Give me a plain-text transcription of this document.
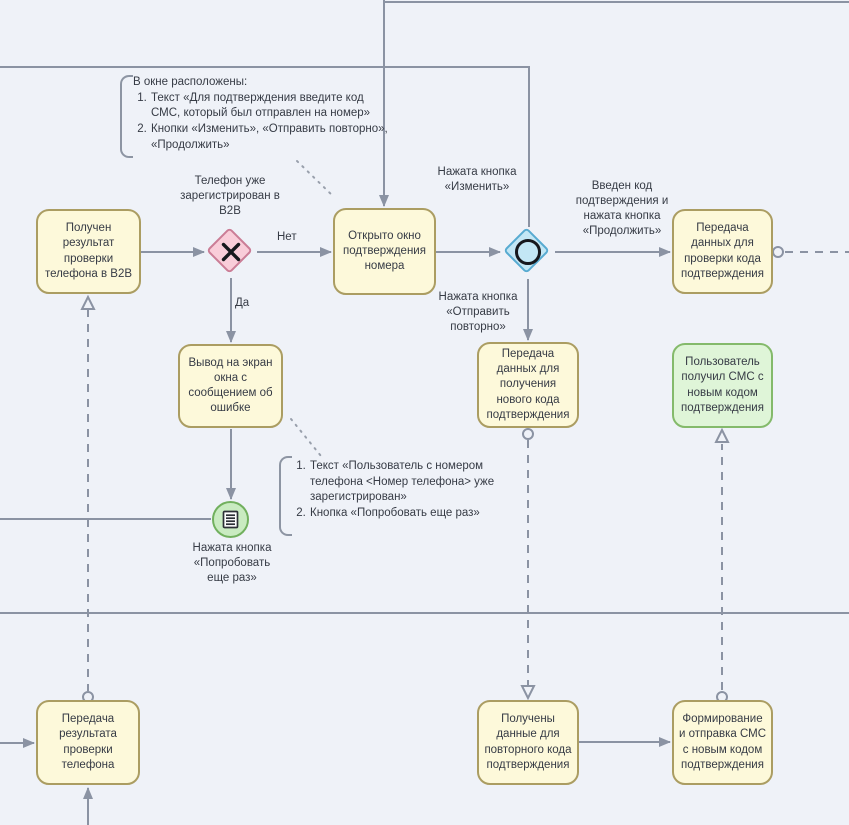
Получен результат проверки телефона в B2B
Открыто окно подтверждения номера
Передача данных для проверки кода подтверждения
Вывод на экран окна с сообщением об ошибке
Передача данных для получения нового кода подтверждения
Пользователь получил СМС с новым кодом подтверждения
Передача результата проверки телефона
Получены данные для повторного кода подтверждения
Формирование и отправка СМС с новым кодом подтверждения
Телефон уже зарегистрирован в B2B
Нет
Да
Нажата кнопка «Изменить»	Введен код подтверждения и нажата кнопка «Продолжить»
Нажата кнопка «Отправить повторно»
Нажата кнопка «Попробовать еще раз»

В окне расположены:

1. Текст «Для подтверждения введите код СМС, который был отправлен на номер»
2. Кнопки «Изменить», «Отправить повторно», «Продолжить»
1. Текст «Пользователь с номером телефона <Номер телефона> уже зарегистрирован»
2. Кнопка «Попробовать еще раз»
